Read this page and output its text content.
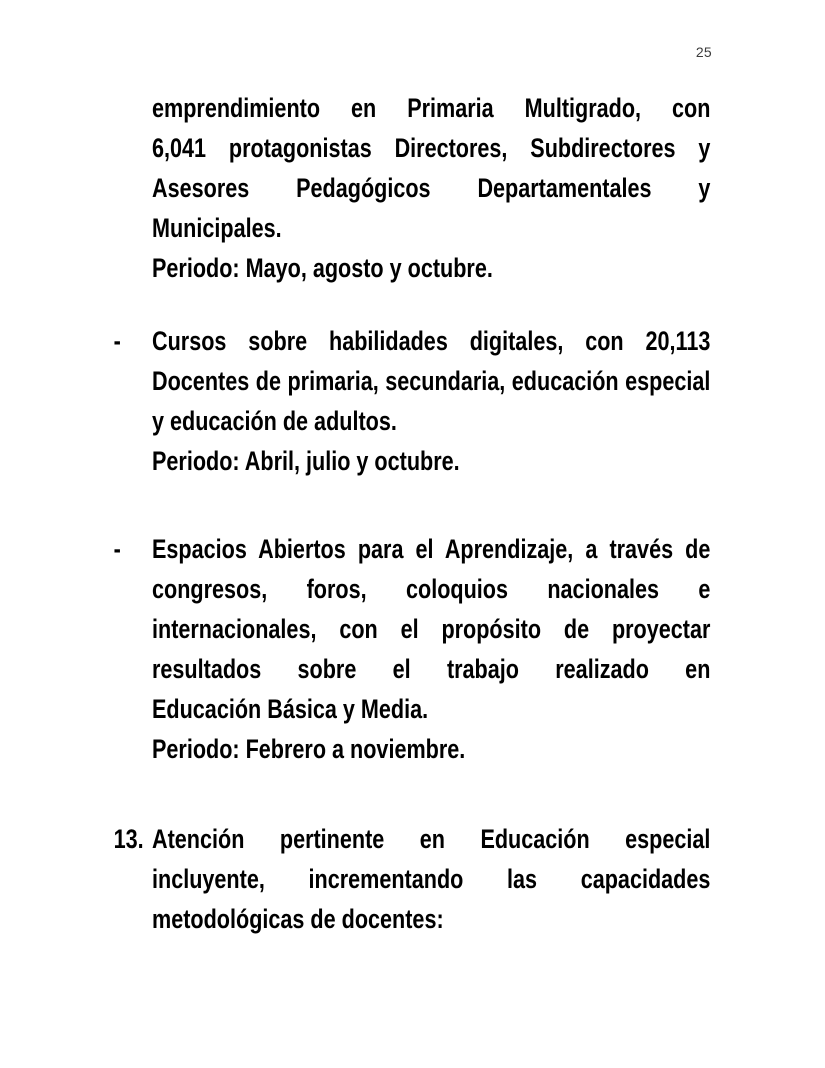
25
emprendimiento en Primaria Multigrado, con
6,041 protagonistas Directores, Subdirectores y
Asesores Pedagógicos Departamentales y
Municipales.
Periodo: Mayo, agosto y octubre.
- Cursos sobre habilidades digitales, con 20,113
Docentes de primaria, secundaria, educación especial
y educación de adultos.
Periodo: Abril, julio y octubre.
- Espacios Abiertos para el Aprendizaje, a través de
congresos, foros, coloquios nacionales e
internacionales, con el propósito de proyectar
resultados sobre el trabajo realizado en
Educación Básica y Media.
Periodo: Febrero a noviembre.
13. Atención pertinente en Educación especial
incluyente, incrementando las capacidades
metodológicas de docentes:
